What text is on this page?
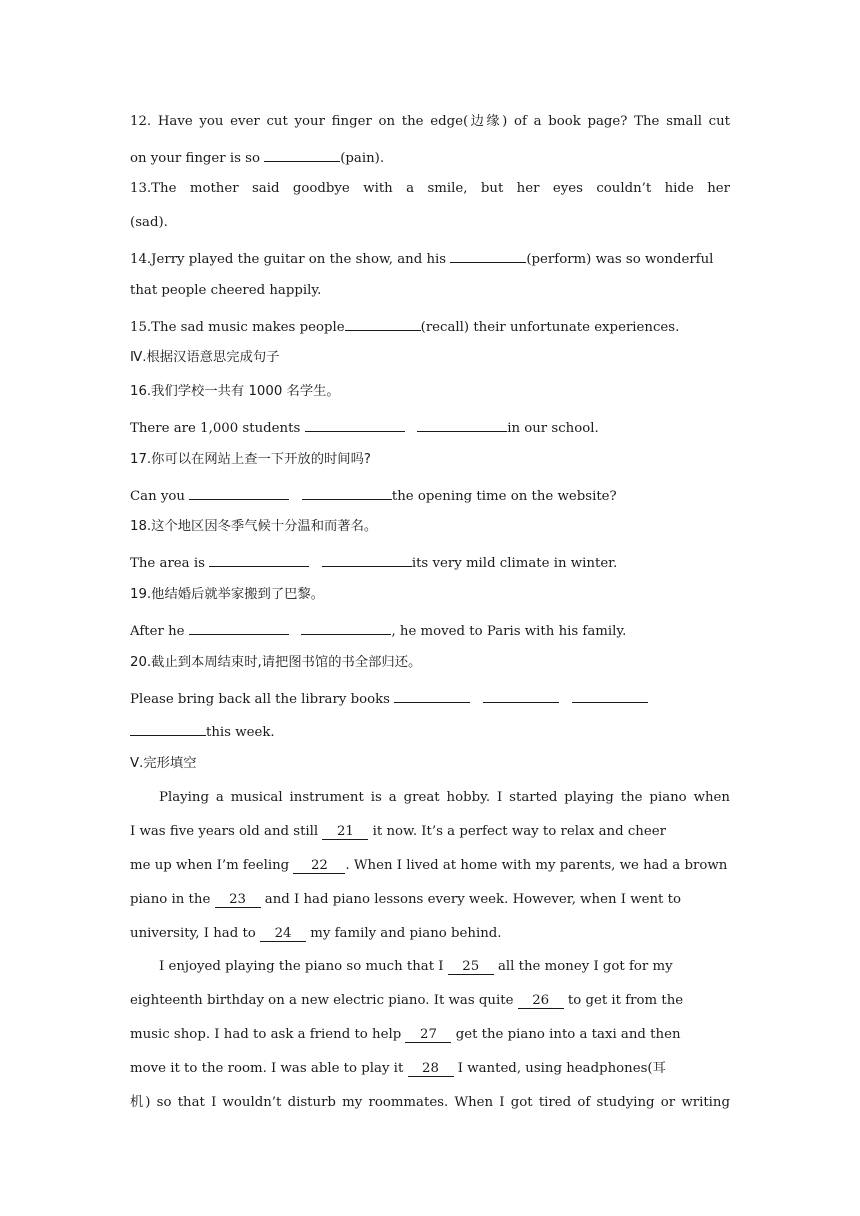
12. Have you ever cut your finger on the edge(边缘) of a book page? The small cut
on your finger is so	(pain).
13.The mother said goodbye with a smile, but her eyes couldn’t hide her
(sad).
14.Jerry played the guitar on the show, and his	(perform) was so wonderful
that people cheered happily.
15.The sad music makes people	(recall) their unfortunate experiences.
Ⅳ.根据汉语意思完成句子
16.我们学校一共有 1000 名学生。
There are 1,000 students	in our school.
17.你可以在网站上查一下开放的时间吗?
Can you	the opening time on the website?
18.这个地区因冬季气候十分温和而著名。
The area is	its very mild climate in winter.
19.他结婚后就举家搬到了巴黎。
After he	, he moved to Paris with his family.
20.截止到本周结束时,请把图书馆的书全部归还。
Please bring back all the library books
this week.
Ⅴ.完形填空
Playing a musical instrument is a great hobby. I started playing the piano when
I was five years old and still 21 it now. It’s a perfect way to relax and cheer
me up when I’m feeling 22 . When I lived at home with my parents, we had a brown
piano in the 23 and I had piano lessons every week. However, when I went to
university, I had to 24 my family and piano behind.
I enjoyed playing the piano so much that I 25 all the money I got for my
eighteenth birthday on a new electric piano. It was quite 26 to get it from the
music shop. I had to ask a friend to help 27 get the piano into a taxi and then
move it to the room. I was able to play it 28 I wanted, using headphones(耳
机) so that I wouldn’t disturb my roommates. When I got tired of studying or writing
